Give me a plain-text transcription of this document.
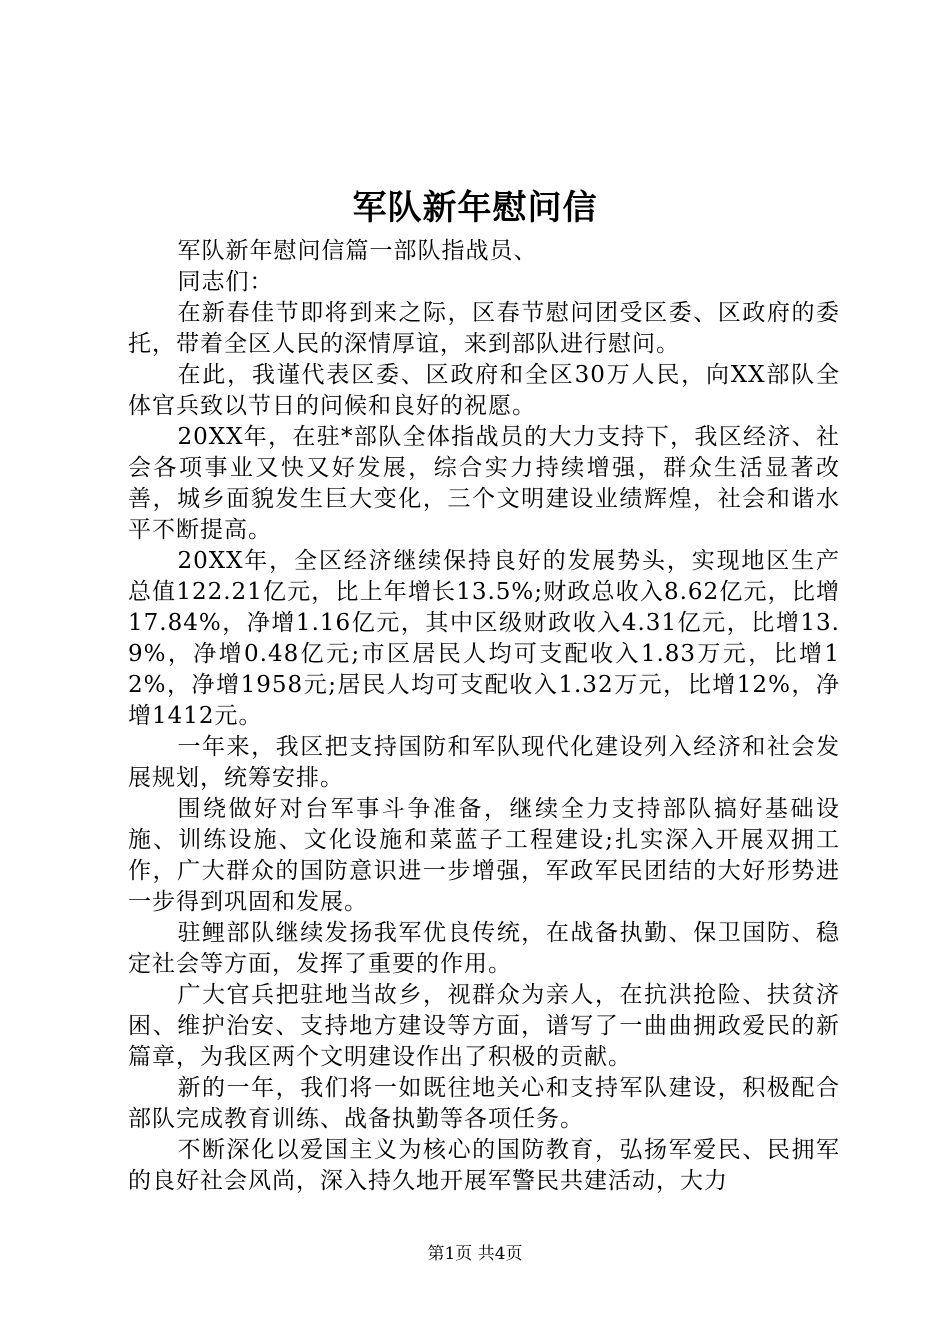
军队新年慰问信

军队新年慰问信篇一部队指战员、

同志们：

在新春佳节即将到来之际，区春节慰问团受区委、区政府的委托，带着全区人民的深情厚谊，来到部队进行慰问。

在此，我谨代表区委、区政府和全区30万人民，向XX部队全体官兵致以节日的问候和良好的祝愿。

20XX年，在驻*部队全体指战员的大力支持下，我区经济、社会各项事业又快又好发展，综合实力持续增强，群众生活显著改善，城乡面貌发生巨大变化，三个文明建设业绩辉煌，社会和谐水平不断提高。

20XX年，全区经济继续保持良好的发展势头，实现地区生产总值122.21亿元，比上年增长13.5%;财政总收入8.62亿元，比增17.84%，净增1.16亿元，其中区级财政收入4.31亿元，比增13.9%，净增0.48亿元;市区居民人均可支配收入1.83万元，比增12%，净增1958元;居民人均可支配收入1.32万元，比增12%，净增1412元。

一年来，我区把支持国防和军队现代化建设列入经济和社会发展规划，统筹安排。

围绕做好对台军事斗争准备，继续全力支持部队搞好基础设施、训练设施、文化设施和菜蓝子工程建设;扎实深入开展双拥工作，广大群众的国防意识进一步增强，军政军民团结的大好形势进一步得到巩固和发展。

驻鲤部队继续发扬我军优良传统，在战备执勤、保卫国防、稳定社会等方面，发挥了重要的作用。

广大官兵把驻地当故乡，视群众为亲人，在抗洪抢险、扶贫济困、维护治安、支持地方建设等方面，谱写了一曲曲拥政爱民的新篇章，为我区两个文明建设作出了积极的贡献。

新的一年，我们将一如既往地关心和支持军队建设，积极配合部队完成教育训练、战备执勤等各项任务。

不断深化以爱国主义为核心的国防教育，弘扬军爱民、民拥军的良好社会风尚，深入持久地开展军警民共建活动，大力

第1页 共4页
